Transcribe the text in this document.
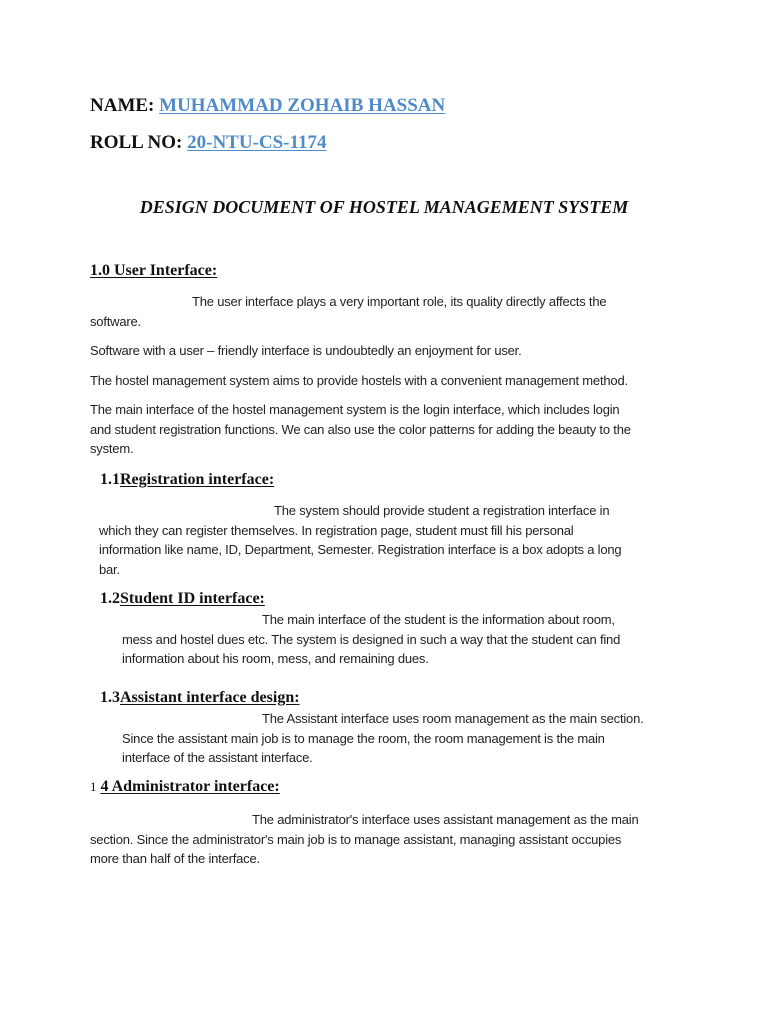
NAME: MUHAMMAD ZOHAIB HASSAN
ROLL NO: 20-NTU-CS-1174
DESIGN DOCUMENT OF HOSTEL MANAGEMENT SYSTEM
1.0 User Interface:
The user interface plays a very important role, its quality directly affects the
software.
Software with a user – friendly interface is undoubtedly an enjoyment for user.
The hostel management system aims to provide hostels with a convenient management method.
The main interface of the hostel management system is the login interface, which includes login
and student registration functions. We can also use the color patterns for adding the beauty to the
system.
1.1Registration interface:
The system should provide student a registration interface in
which they can register themselves. In registration page, student must fill his personal
information like name, ID, Department, Semester. Registration interface is a box adopts a long
bar.
1.2Student ID interface:
The main interface of the student is the information about room,
mess and hostel dues etc. The system is designed in such a way that the student can find
information about his room, mess, and remaining dues.
1.3Assistant interface design:
The Assistant interface uses room management as the main section.
Since the assistant main job is to manage the room, the room management is the main
interface of the assistant interface.
1 4 Administrator interface:
The administrator's interface uses assistant management as the main
section. Since the administrator's main job is to manage assistant, managing assistant occupies
more than half of the interface.
